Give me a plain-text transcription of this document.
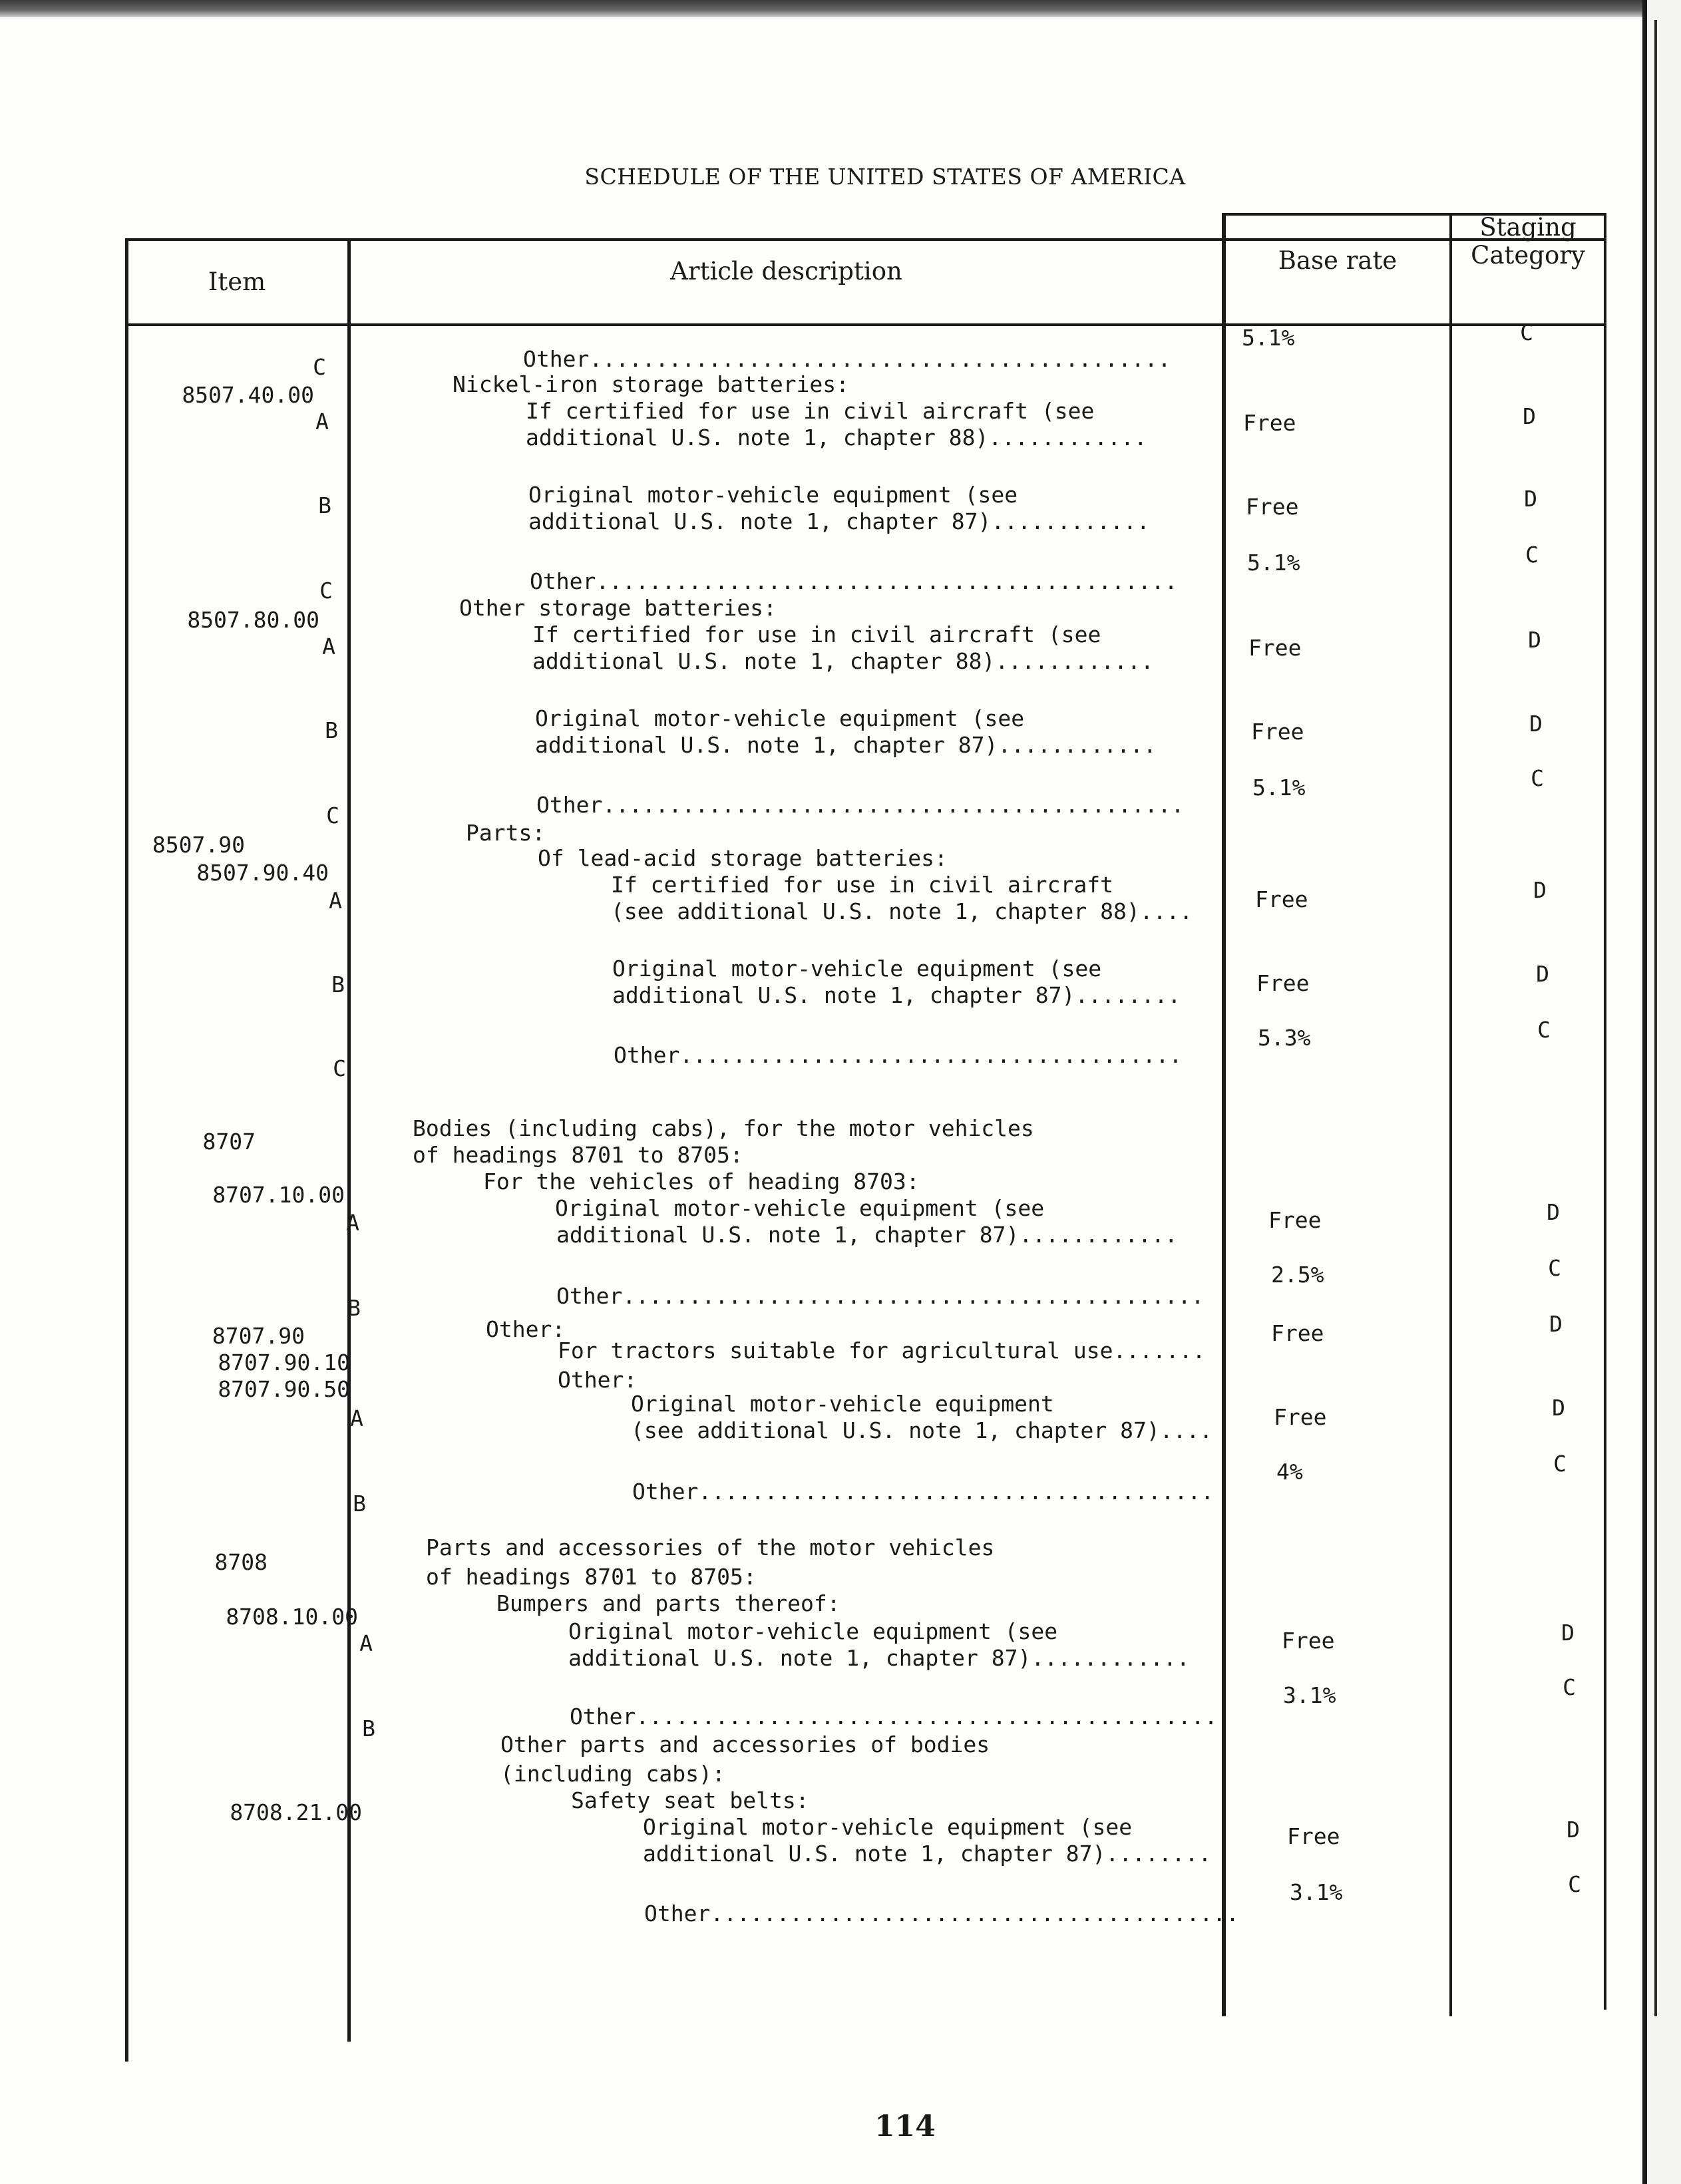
SCHEDULE OF THE UNITED STATES OF AMERICA
Item	Article description	Base rate
Staging
Category
8507.40.00
8507.80.00
8507.90
8507.90.40
8707
8707.10.00
8707.90
8707.90.10
8707.90.50
8708
8708.10.00
8708.21.00
C
A
B
C
A
B
C
A
B
C
A
B
A
B
A
B
Other............................................
Nickel-iron storage batteries:
If certified for use in civil aircraft (see
additional U.S. note 1, chapter 88)............
Original motor-vehicle equipment (see
additional U.S. note 1, chapter 87)............
Other............................................
Other storage batteries:
If certified for use in civil aircraft (see
additional U.S. note 1, chapter 88)............
Original motor-vehicle equipment (see
additional U.S. note 1, chapter 87)............
Other............................................
Parts:
Of lead-acid storage batteries:
If certified for use in civil aircraft
(see additional U.S. note 1, chapter 88)....
Original motor-vehicle equipment (see
additional U.S. note 1, chapter 87)........
Other......................................
Bodies (including cabs), for the motor vehicles
of headings 8701 to 8705:
For the vehicles of heading 8703:
Original motor-vehicle equipment (see
additional U.S. note 1, chapter 87)............
Other............................................
Other:
For tractors suitable for agricultural use.......
Other:
Original motor-vehicle equipment
(see additional U.S. note 1, chapter 87)....
Other.......................................
Parts and accessories of the motor vehicles
of headings 8701 to 8705:
Bumpers and parts thereof:
Original motor-vehicle equipment (see
additional U.S. note 1, chapter 87)............
Other............................................
Other parts and accessories of bodies
(including cabs):
Safety seat belts:
Original motor-vehicle equipment (see
additional U.S. note 1, chapter 87)........
Other........................................
5.1%
Free
Free
5.1%
Free
Free
5.1%
Free
Free
5.3%
Free
2.5%
Free
Free
4%
Free
3.1%
Free
3.1%
C
D
D
C
D
D
C
D
D
C
D
C
D
D
C
D
C
D
C
114
